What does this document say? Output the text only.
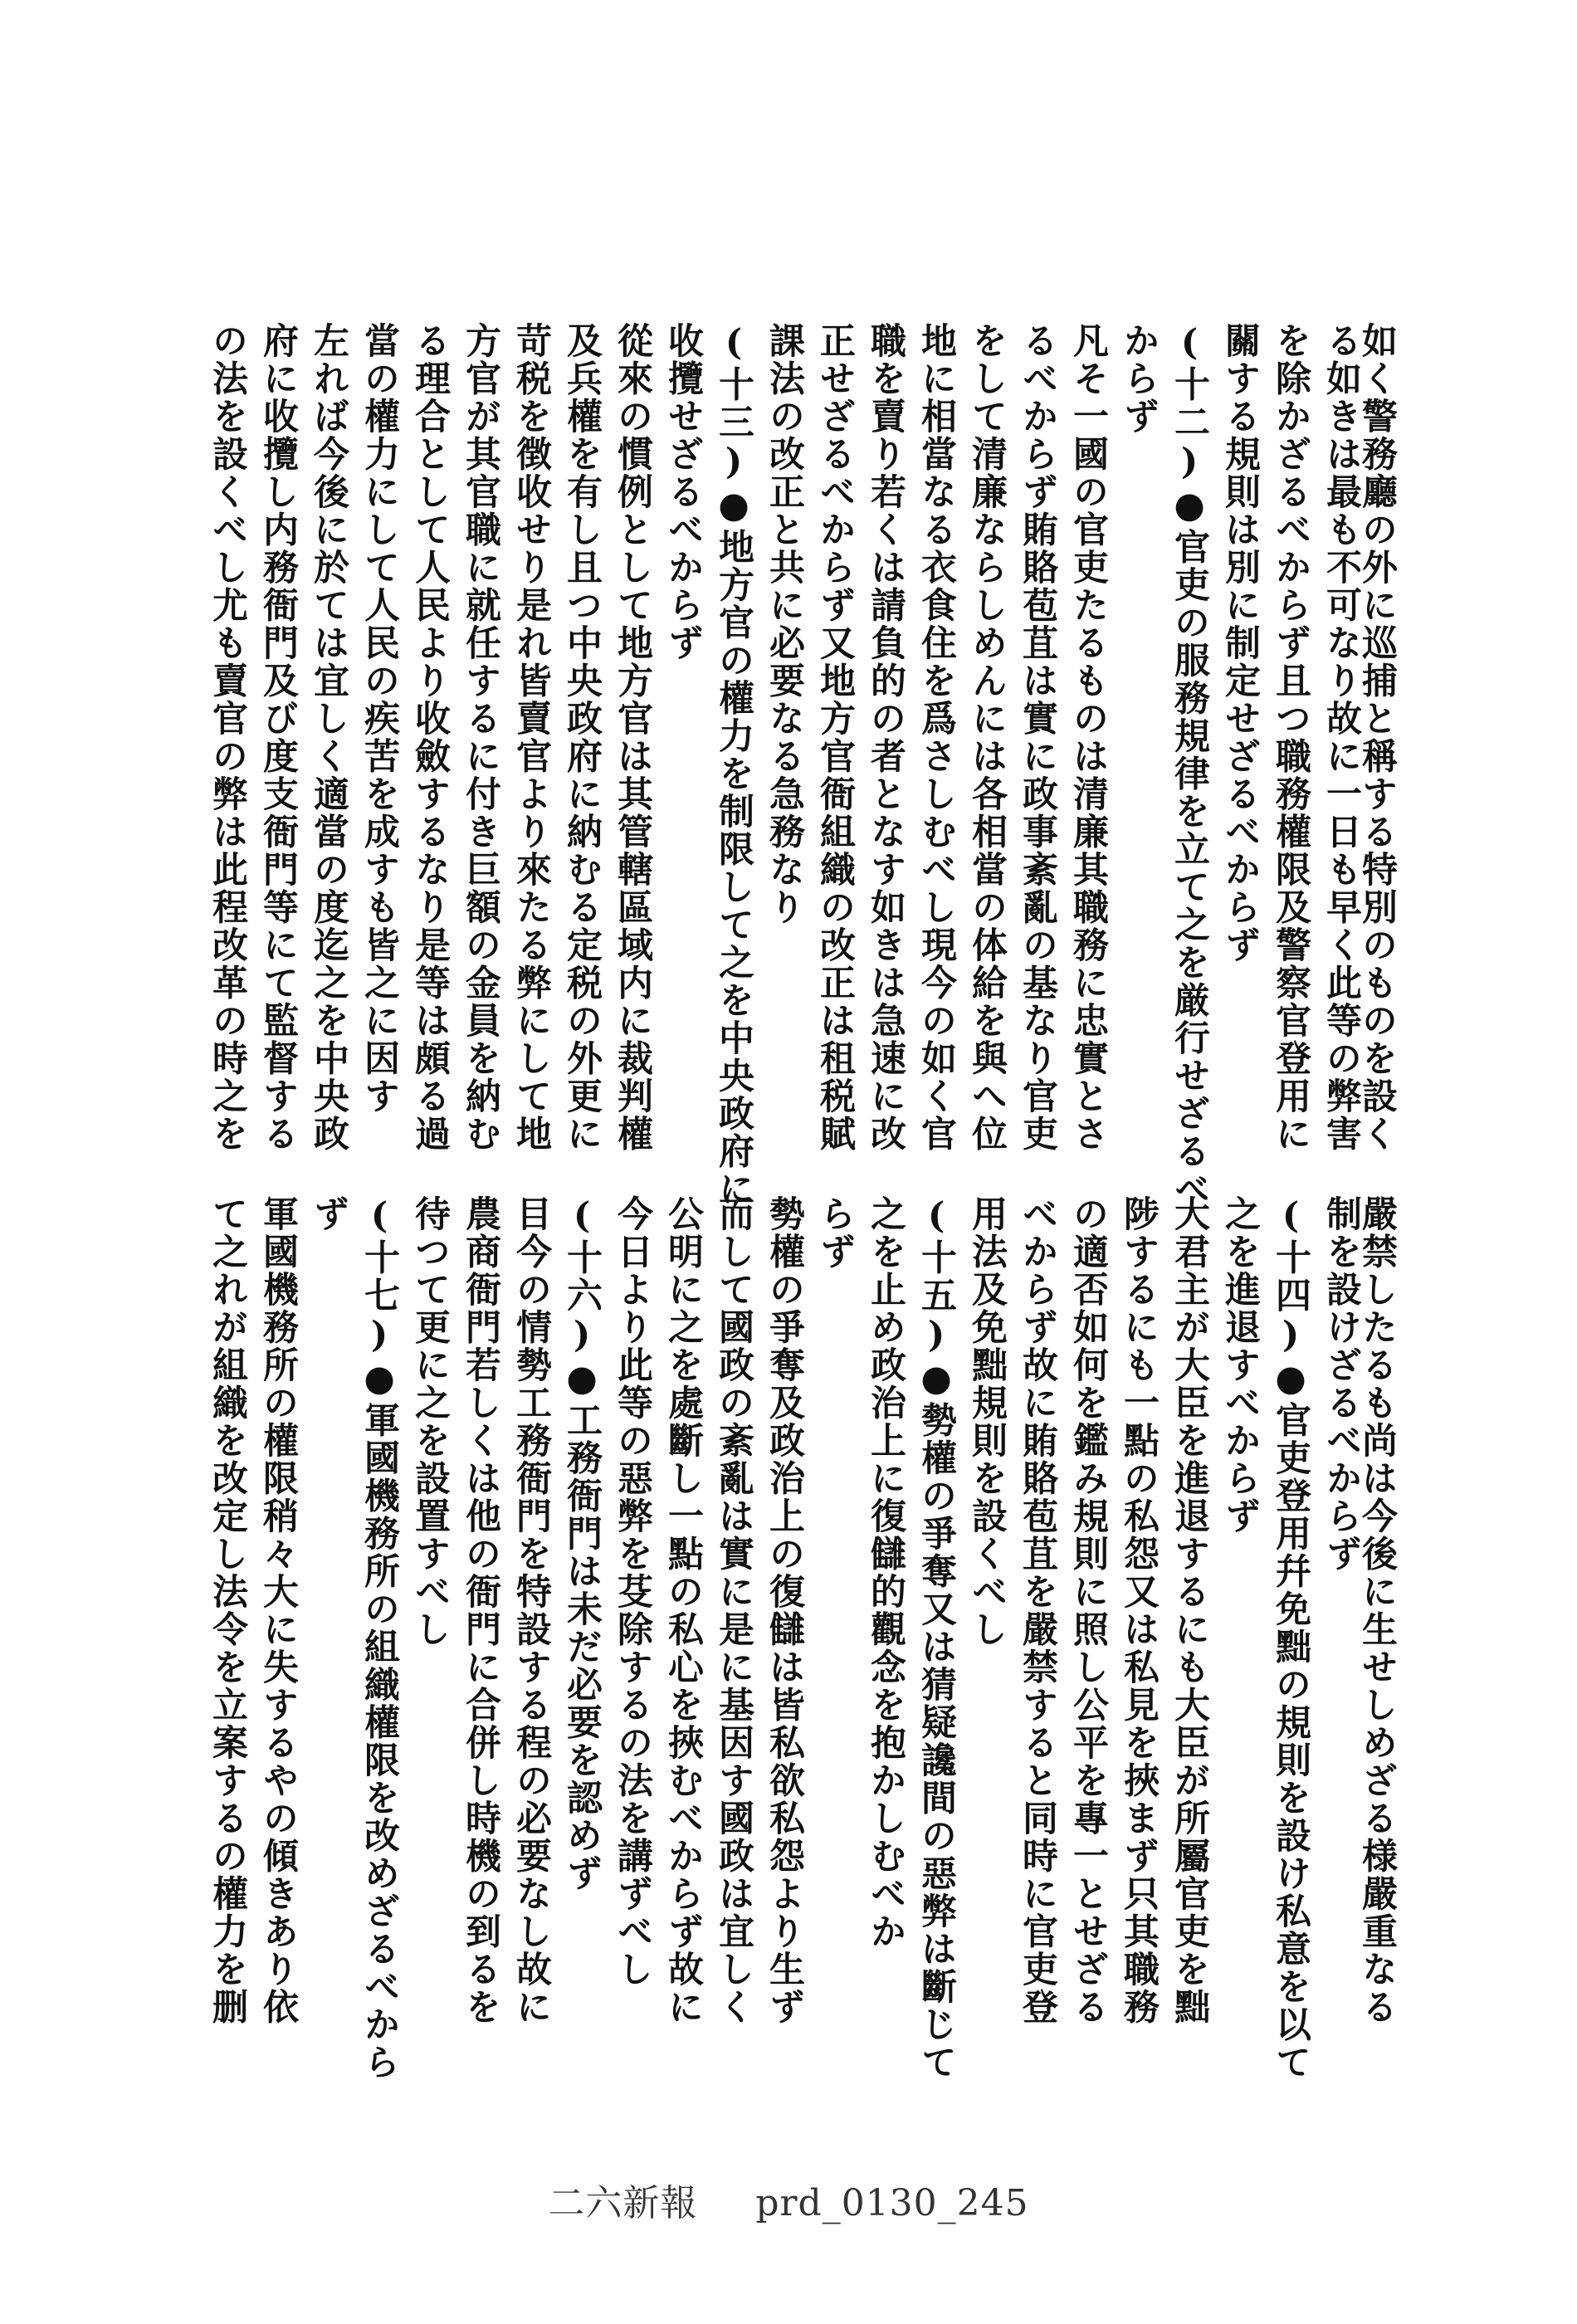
如く警務廳の外に巡捕と稱する特別のものを設く
る如きは最も不可なり故に一日も早く此等の弊害
を除かざるべからず且つ職務權限及警察官登用に
關する規則は別に制定せざるべからず
(十二)●官吏の服務規律を立て之を厳行せざるべ
からず
凡そ一國の官吏たるものは清廉其職務に忠實とさ
るべからず賄賂苞苴は實に政事紊亂の基なり官吏
をして清廉ならしめんには各相當の体給を與へ位
地に相當なる衣食住を爲さしむべし現今の如く官
職を賣り若くは請負的の者となす如きは急速に改
正せざるべからず又地方官衙組織の改正は租税賦
課法の改正と共に必要なる急務なり
(十三)●地方官の權力を制限して之を中央政府に
收攬せざるべからず
從來の慣例として地方官は其管轄區域内に裁判權
及兵權を有し且つ中央政府に納むる定税の外更に
苛税を徴收せり是れ皆賣官より來たる弊にして地
方官が其官職に就任するに付き巨額の金員を納む
る理合として人民より收斂するなり是等は頗る過
當の權力にして人民の疾苦を成すも皆之に因す
左れば今後に於ては宜しく適當の度迄之を中央政
府に收攬し内務衙門及び度支衙門等にて監督する
の法を設くべし尤も賣官の弊は此程改革の時之を
嚴禁したるも尚は今後に生せしめざる様嚴重なる
制を設けざるべからず
(十四)●官吏登用幷免黜の規則を設け私意を以て
之を進退すべからず
大君主が大臣を進退するにも大臣が所屬官吏を黜
陟するにも一點の私怨又は私見を挾まず只其職務
の適否如何を鑑み規則に照し公平を專一とせざる
べからず故に賄賂苞苴を嚴禁すると同時に官吏登
用法及免黜規則を設くべし
(十五)●勢權の爭奪又は猜疑讒間の惡弊は斷じて
之を止め政治上に復讎的觀念を抱かしむべか
らず
勢權の爭奪及政治上の復讎は皆私欲私怨より生ず
而して國政の紊亂は實に是に基因す國政は宜しく
公明に之を處斷し一點の私心を挾むべからず故に
今日より此等の惡弊を芟除するの法を講ずべし
(十六)●工務衙門は未だ必要を認めず
目今の情勢工務衙門を特設する程の必要なし故に
農商衙門若しくは他の衙門に合併し時機の到るを
待つて更に之を設置すべし
(十七)●軍國機務所の組織權限を改めざるべから
ず
軍國機務所の權限稍々大に失するやの傾きあり依
て之れが組織を改定し法令を立案するの權力を删
二六新報 prd_0130_245
